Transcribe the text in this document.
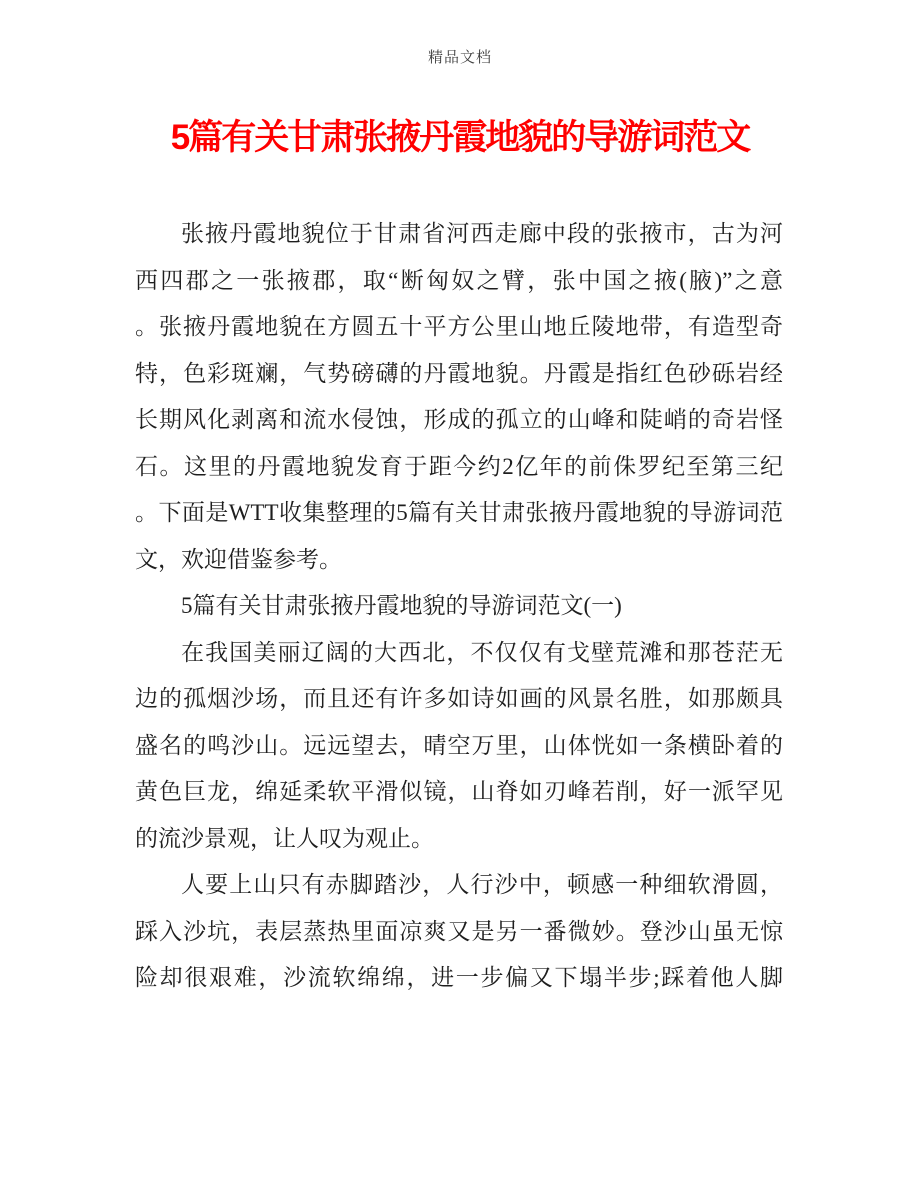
精品文档
5篇有关甘肃张掖丹霞地貌的导游词范文
张掖丹霞地貌位于甘肃省河西走廊中段的张掖市，古为河
西四郡之一张掖郡，取“断匈奴之臂，张中国之掖(腋)”之意
。张掖丹霞地貌在方圆五十平方公里山地丘陵地带，有造型奇
特，色彩斑斓，气势磅礴的丹霞地貌。丹霞是指红色砂砾岩经
长期风化剥离和流水侵蚀，形成的孤立的山峰和陡峭的奇岩怪
石。这里的丹霞地貌发育于距今约2亿年的前侏罗纪至第三纪
。下面是WTT收集整理的5篇有关甘肃张掖丹霞地貌的导游词范
文，欢迎借鉴参考。
5篇有关甘肃张掖丹霞地貌的导游词范文(一)
在我国美丽辽阔的大西北，不仅仅有戈壁荒滩和那苍茫无
边的孤烟沙场，而且还有许多如诗如画的风景名胜，如那颇具
盛名的鸣沙山。远远望去，晴空万里，山体恍如一条横卧着的
黄色巨龙，绵延柔软平滑似镜，山脊如刃峰若削，好一派罕见
的流沙景观，让人叹为观止。
人要上山只有赤脚踏沙，人行沙中，顿感一种细软滑圆，
踩入沙坑，表层蒸热里面凉爽又是另一番微妙。登沙山虽无惊
险却很艰难，沙流软绵绵，进一步偏又下塌半步;踩着他人脚
